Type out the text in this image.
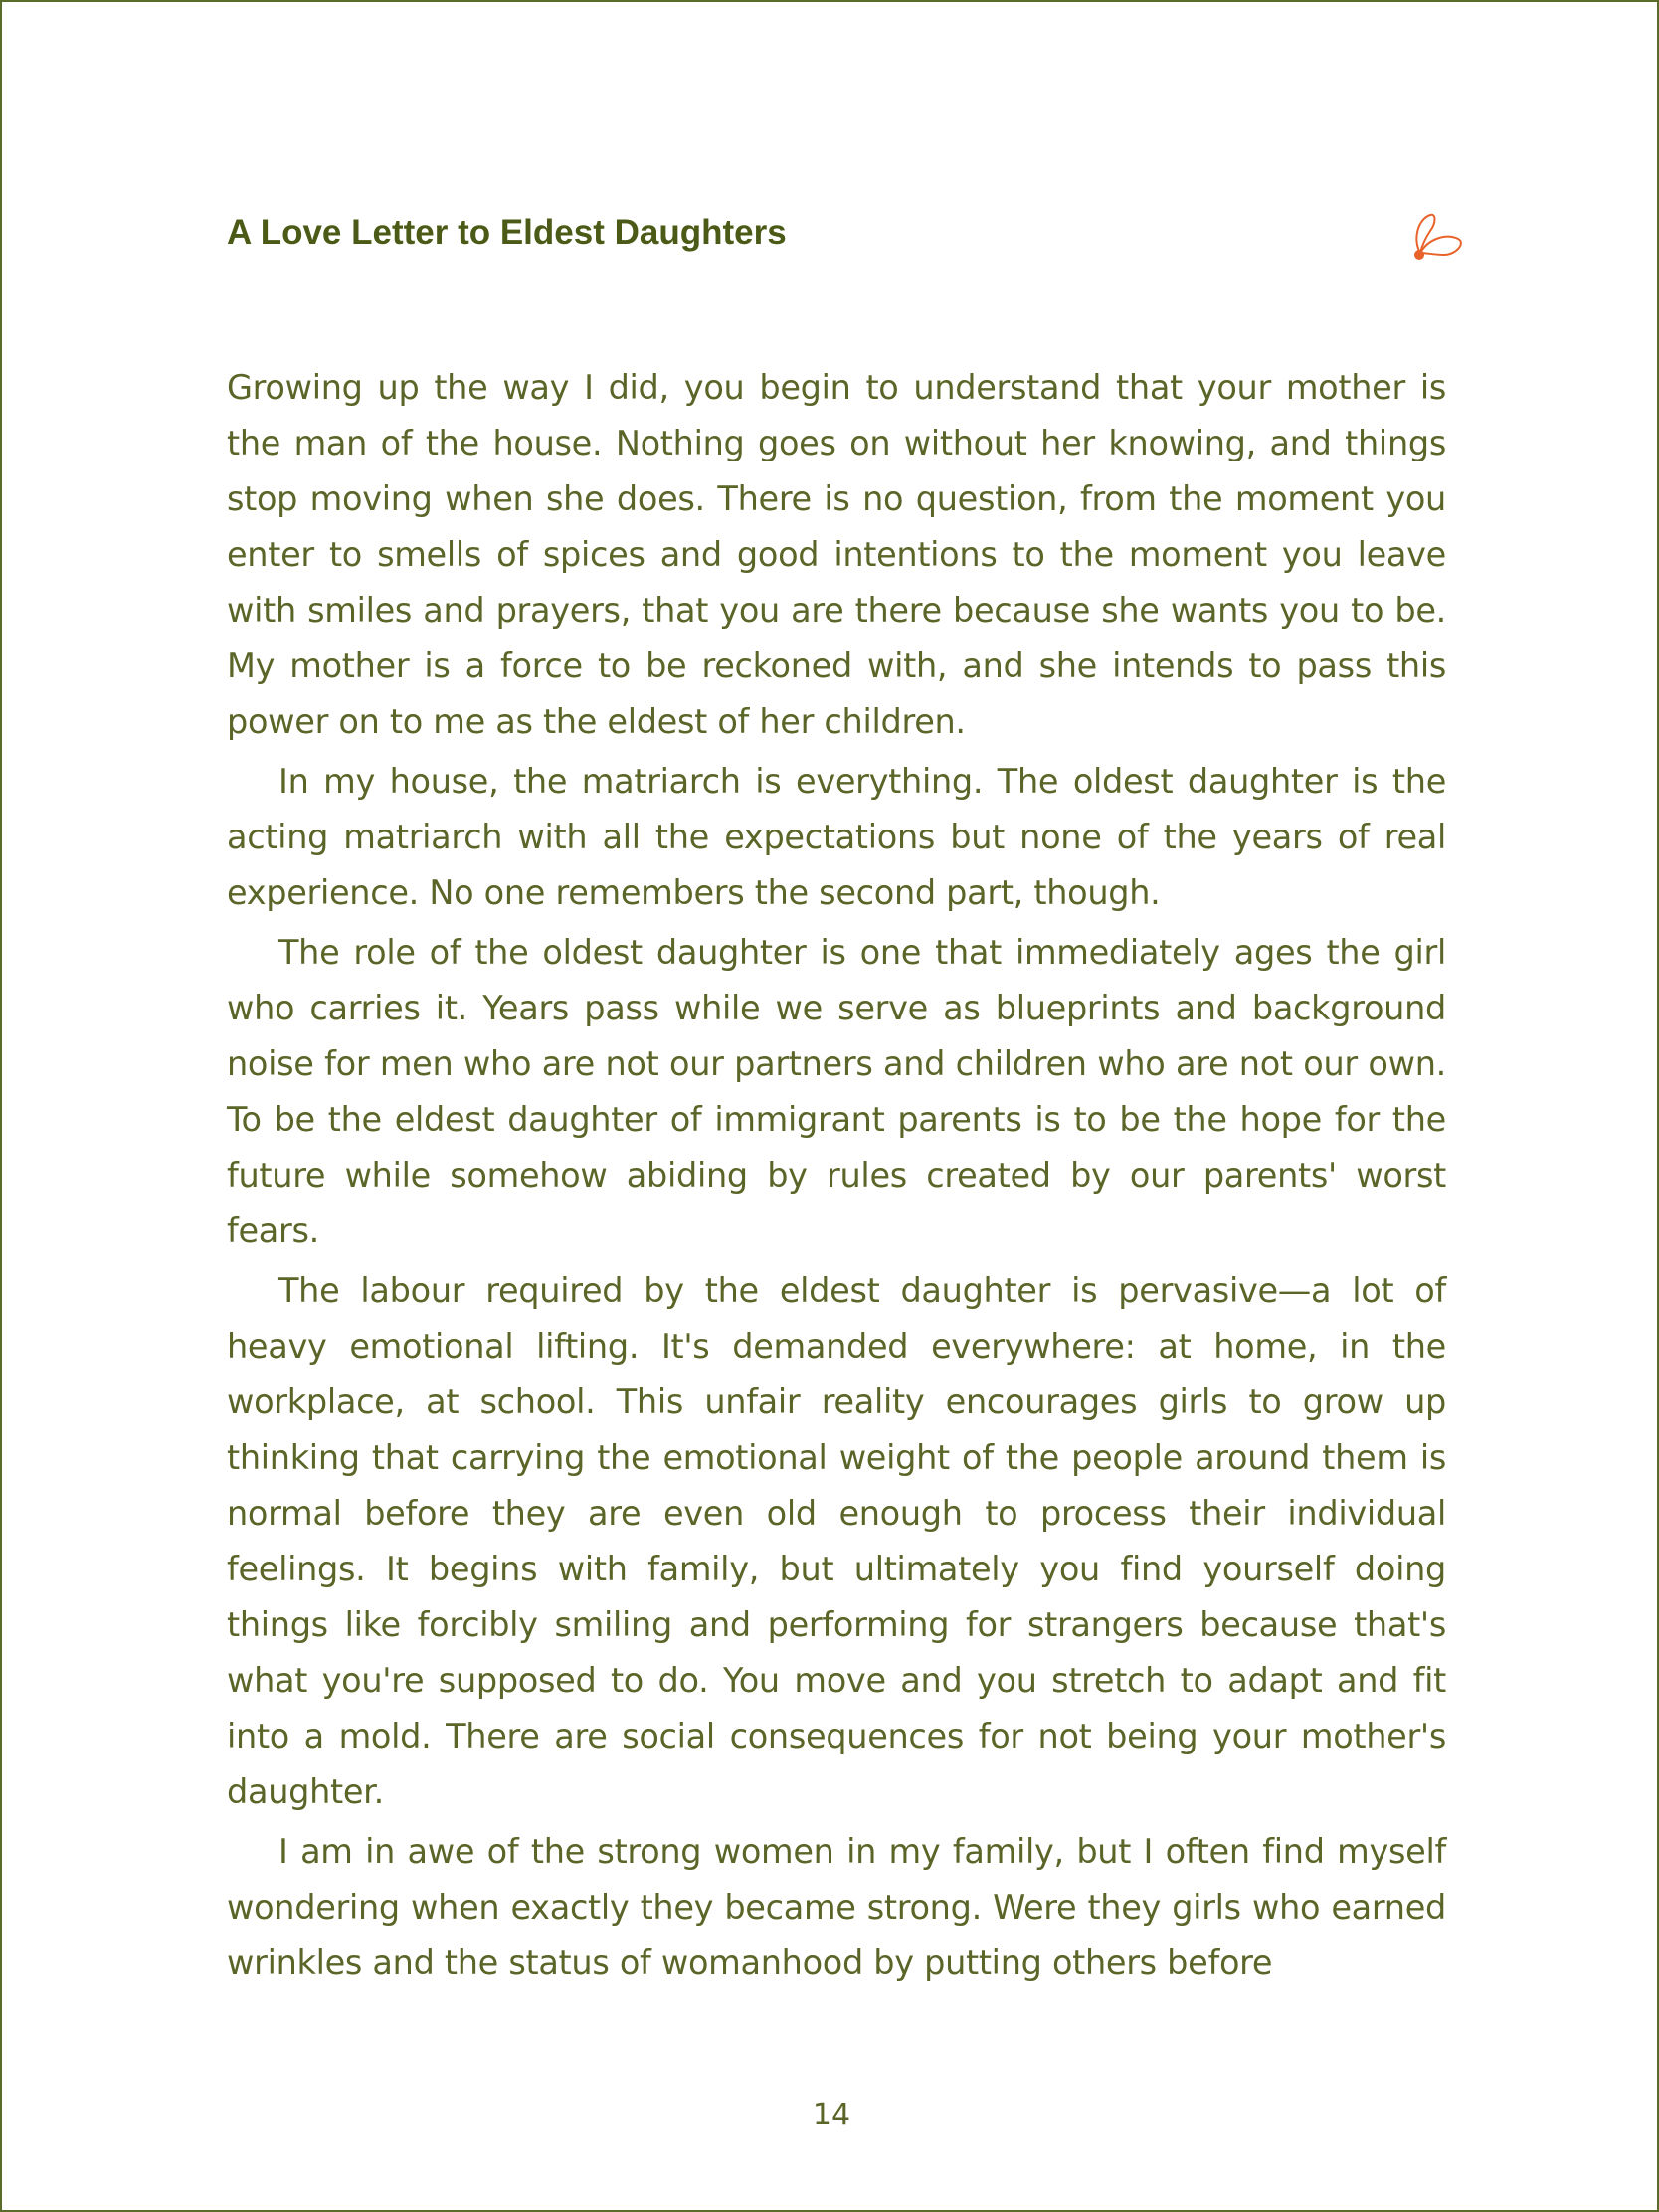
A Love Letter to Eldest Daughters

Growing up the way I did, you begin to understand that your mother is the man of the house. Nothing goes on without her knowing, and things stop moving when she does. There is no question, from the moment you enter to smells of spices and good intentions to the moment you leave with smiles and prayers, that you are there because she wants you to be. My mother is a force to be reckoned with, and she intends to pass this power on to me as the eldest of her children.

In my house, the matriarch is everything. The oldest daughter is the acting matriarch with all the expectations but none of the years of real experience. No one remembers the second part, though.

The role of the oldest daughter is one that immediately ages the girl who carries it. Years pass while we serve as blueprints and background noise for men who are not our partners and children who are not our own. To be the eldest daughter of immigrant parents is to be the hope for the future while somehow abiding by rules created by our parents' worst fears.

The labour required by the eldest daughter is pervasive—a lot of heavy emotional lifting. It's demanded everywhere: at home, in the workplace, at school. This unfair reality encourages girls to grow up thinking that carrying the emotional weight of the people around them is normal before they are even old enough to process their individual feelings. It begins with family, but ultimately you find yourself doing things like forcibly smiling and performing for strangers because that's what you're supposed to do. You move and you stretch to adapt and fit into a mold. There are social consequences for not being your mother's daughter.

I am in awe of the strong women in my family, but I often find myself wondering when exactly they became strong. Were they girls who earned wrinkles and the status of womanhood by putting others before

14
